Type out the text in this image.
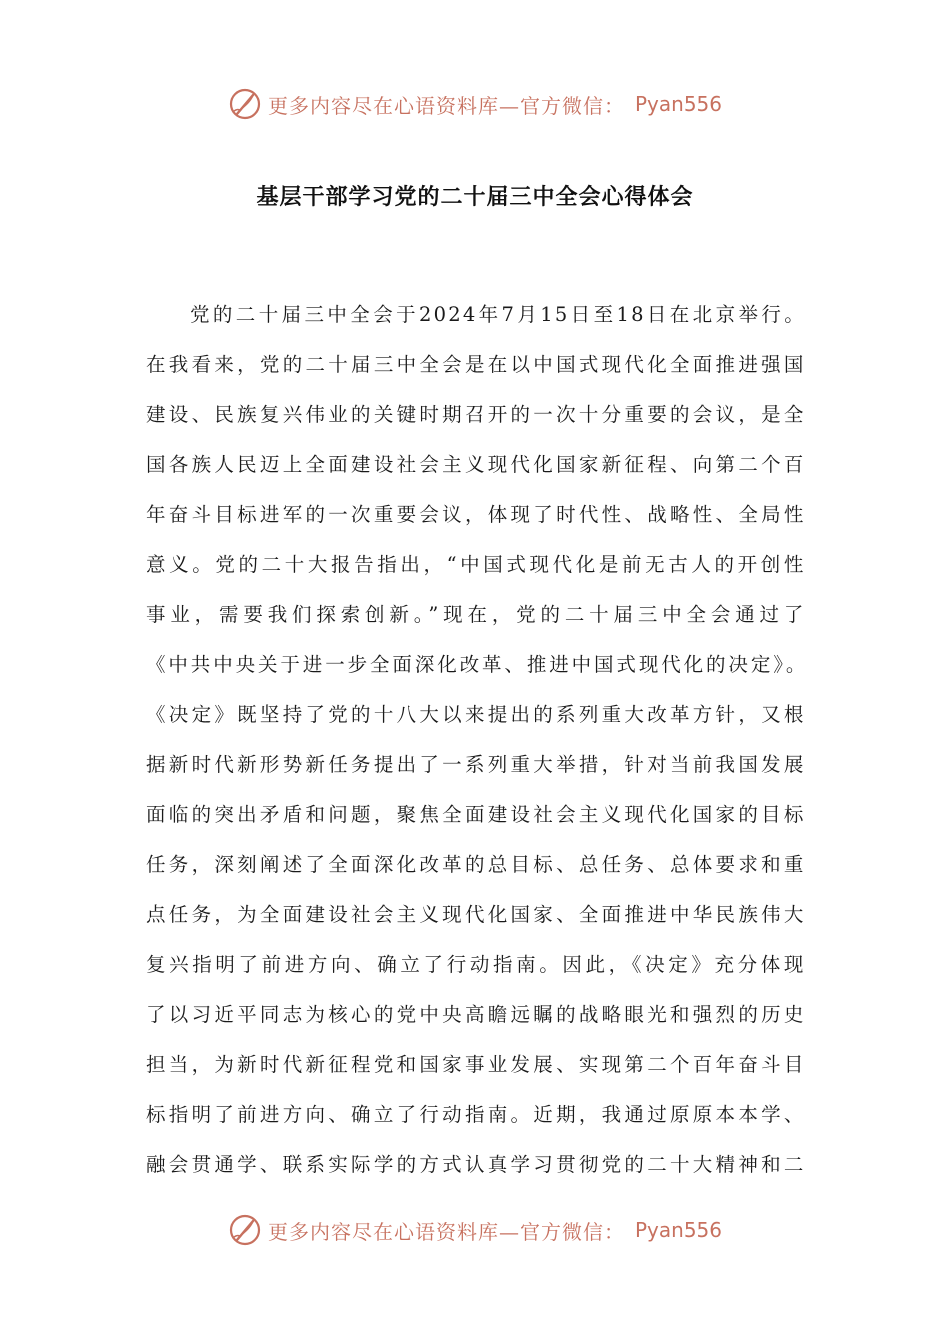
更多内容尽在心语资料库—官方微信： Pyan556
基层干部学习党的二十届三中全会心得体会
党的二十届三中全会于2024年7月15日至18日在北京举行。
在我看来，党的二十届三中全会是在以中国式现代化全面推进强国
建设、民族复兴伟业的关键时期召开的一次十分重要的会议，是全
国各族人民迈上全面建设社会主义现代化国家新征程、向第二个百
年奋斗目标进军的一次重要会议，体现了时代性、战略性、全局性
意义。党的二十大报告指出，“中国式现代化是前无古人的开创性
事业，需要我们探索创新。”现在，党的二十届三中全会通过了
《中共中央关于进一步全面深化改革、推进中国式现代化的决定》。
《决定》既坚持了党的十八大以来提出的系列重大改革方针，又根
据新时代新形势新任务提出了一系列重大举措，针对当前我国发展
面临的突出矛盾和问题，聚焦全面建设社会主义现代化国家的目标
任务，深刻阐述了全面深化改革的总目标、总任务、总体要求和重
点任务，为全面建设社会主义现代化国家、全面推进中华民族伟大
复兴指明了前进方向、确立了行动指南。因此，《决定》充分体现
了以习近平同志为核心的党中央高瞻远瞩的战略眼光和强烈的历史
担当，为新时代新征程党和国家事业发展、实现第二个百年奋斗目
标指明了前进方向、确立了行动指南。近期，我通过原原本本学、
融会贯通学、联系实际学的方式认真学习贯彻党的二十大精神和二
更多内容尽在心语资料库—官方微信： Pyan556
